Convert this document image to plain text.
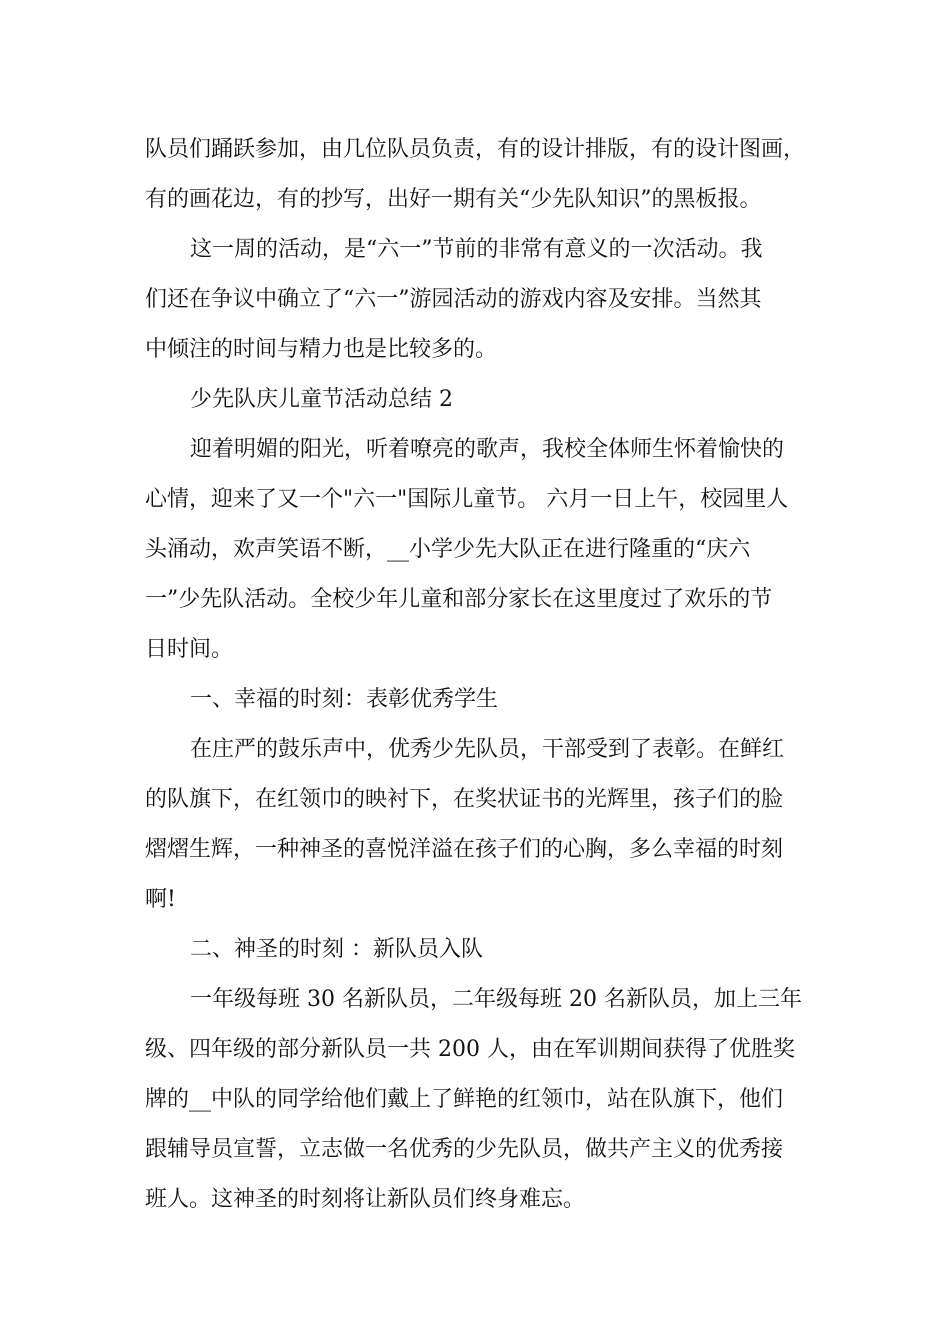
队员们踊跃参加，由几位队员负责，有的设计排版，有的设计图画，
有的画花边，有的抄写，出好一期有关“少先队知识”的黑板报。
这一周的活动，是“六一”节前的非常有意义的一次活动。我
们还在争议中确立了“六一”游园活动的游戏内容及安排。当然其
中倾注的时间与精力也是比较多的。
少先队庆儿童节活动总结 2
迎着明媚的阳光，听着嘹亮的歌声，我校全体师生怀着愉快的
心情，迎来了又一个"六一"国际儿童节。 六月一日上午，校园里人
头涌动，欢声笑语不断，__小学少先大队正在进行隆重的“庆六
一”少先队活动。全校少年儿童和部分家长在这里度过了欢乐的节
日时间。
一、幸福的时刻：表彰优秀学生
在庄严的鼓乐声中，优秀少先队员，干部受到了表彰。在鲜红
的队旗下，在红领巾的映衬下，在奖状证书的光辉里，孩子们的脸
熠熠生辉，一种神圣的喜悦洋溢在孩子们的心胸，多么幸福的时刻
啊!
二、神圣的时刻 ：新队员入队
一年级每班 30 名新队员，二年级每班 20 名新队员，加上三年
级、四年级的部分新队员一共 200 人，由在军训期间获得了优胜奖
牌的__中队的同学给他们戴上了鲜艳的红领巾，站在队旗下，他们
跟辅导员宣誓，立志做一名优秀的少先队员，做共产主义的优秀接
班人。这神圣的时刻将让新队员们终身难忘。
